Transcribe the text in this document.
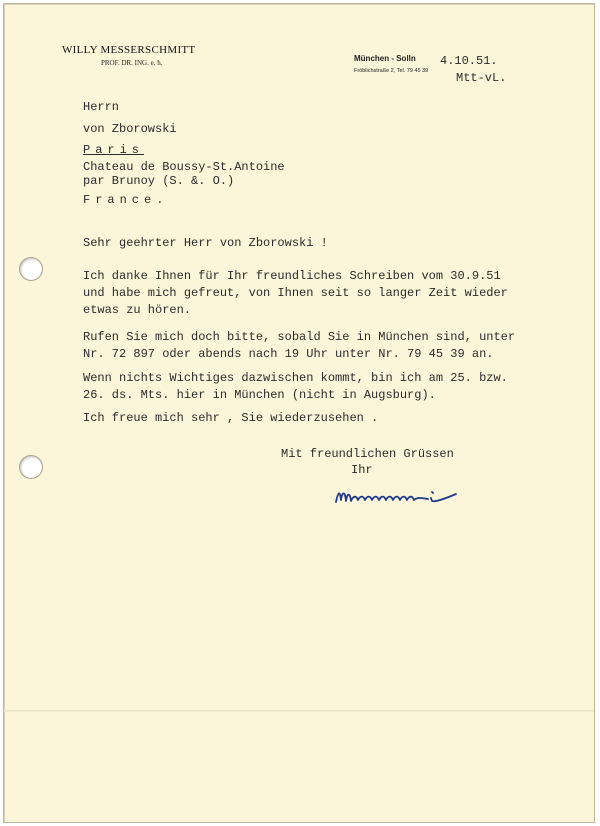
WILLY MESSERSCHMITT
PROF. DR. ING. e. h.	München - Solln
Fröblichstraße 2, Tel. 79 45 39
4.10.51.
Mtt-vL.
Herrn
von Zborowski
Paris
Chateau de Boussy-St.Antoine
par Brunoy (S. &. O.)
France.
Sehr geehrter Herr von Zborowski !
Ich danke Ihnen für Ihr freundliches Schreiben vom 30.9.51
und habe mich gefreut, von Ihnen seit so langer Zeit wieder
etwas zu hören.
Rufen Sie mich doch bitte, sobald Sie in München sind, unter
Nr. 72 897 oder abends nach 19 Uhr unter Nr. 79 45 39 an.
Wenn nichts Wichtiges dazwischen kommt, bin ich am 25. bzw.
26. ds. Mts. hier in München (nicht in Augsburg).
Ich freue mich sehr , Sie wiederzusehen .
Mit freundlichen Grüssen
Ihr
